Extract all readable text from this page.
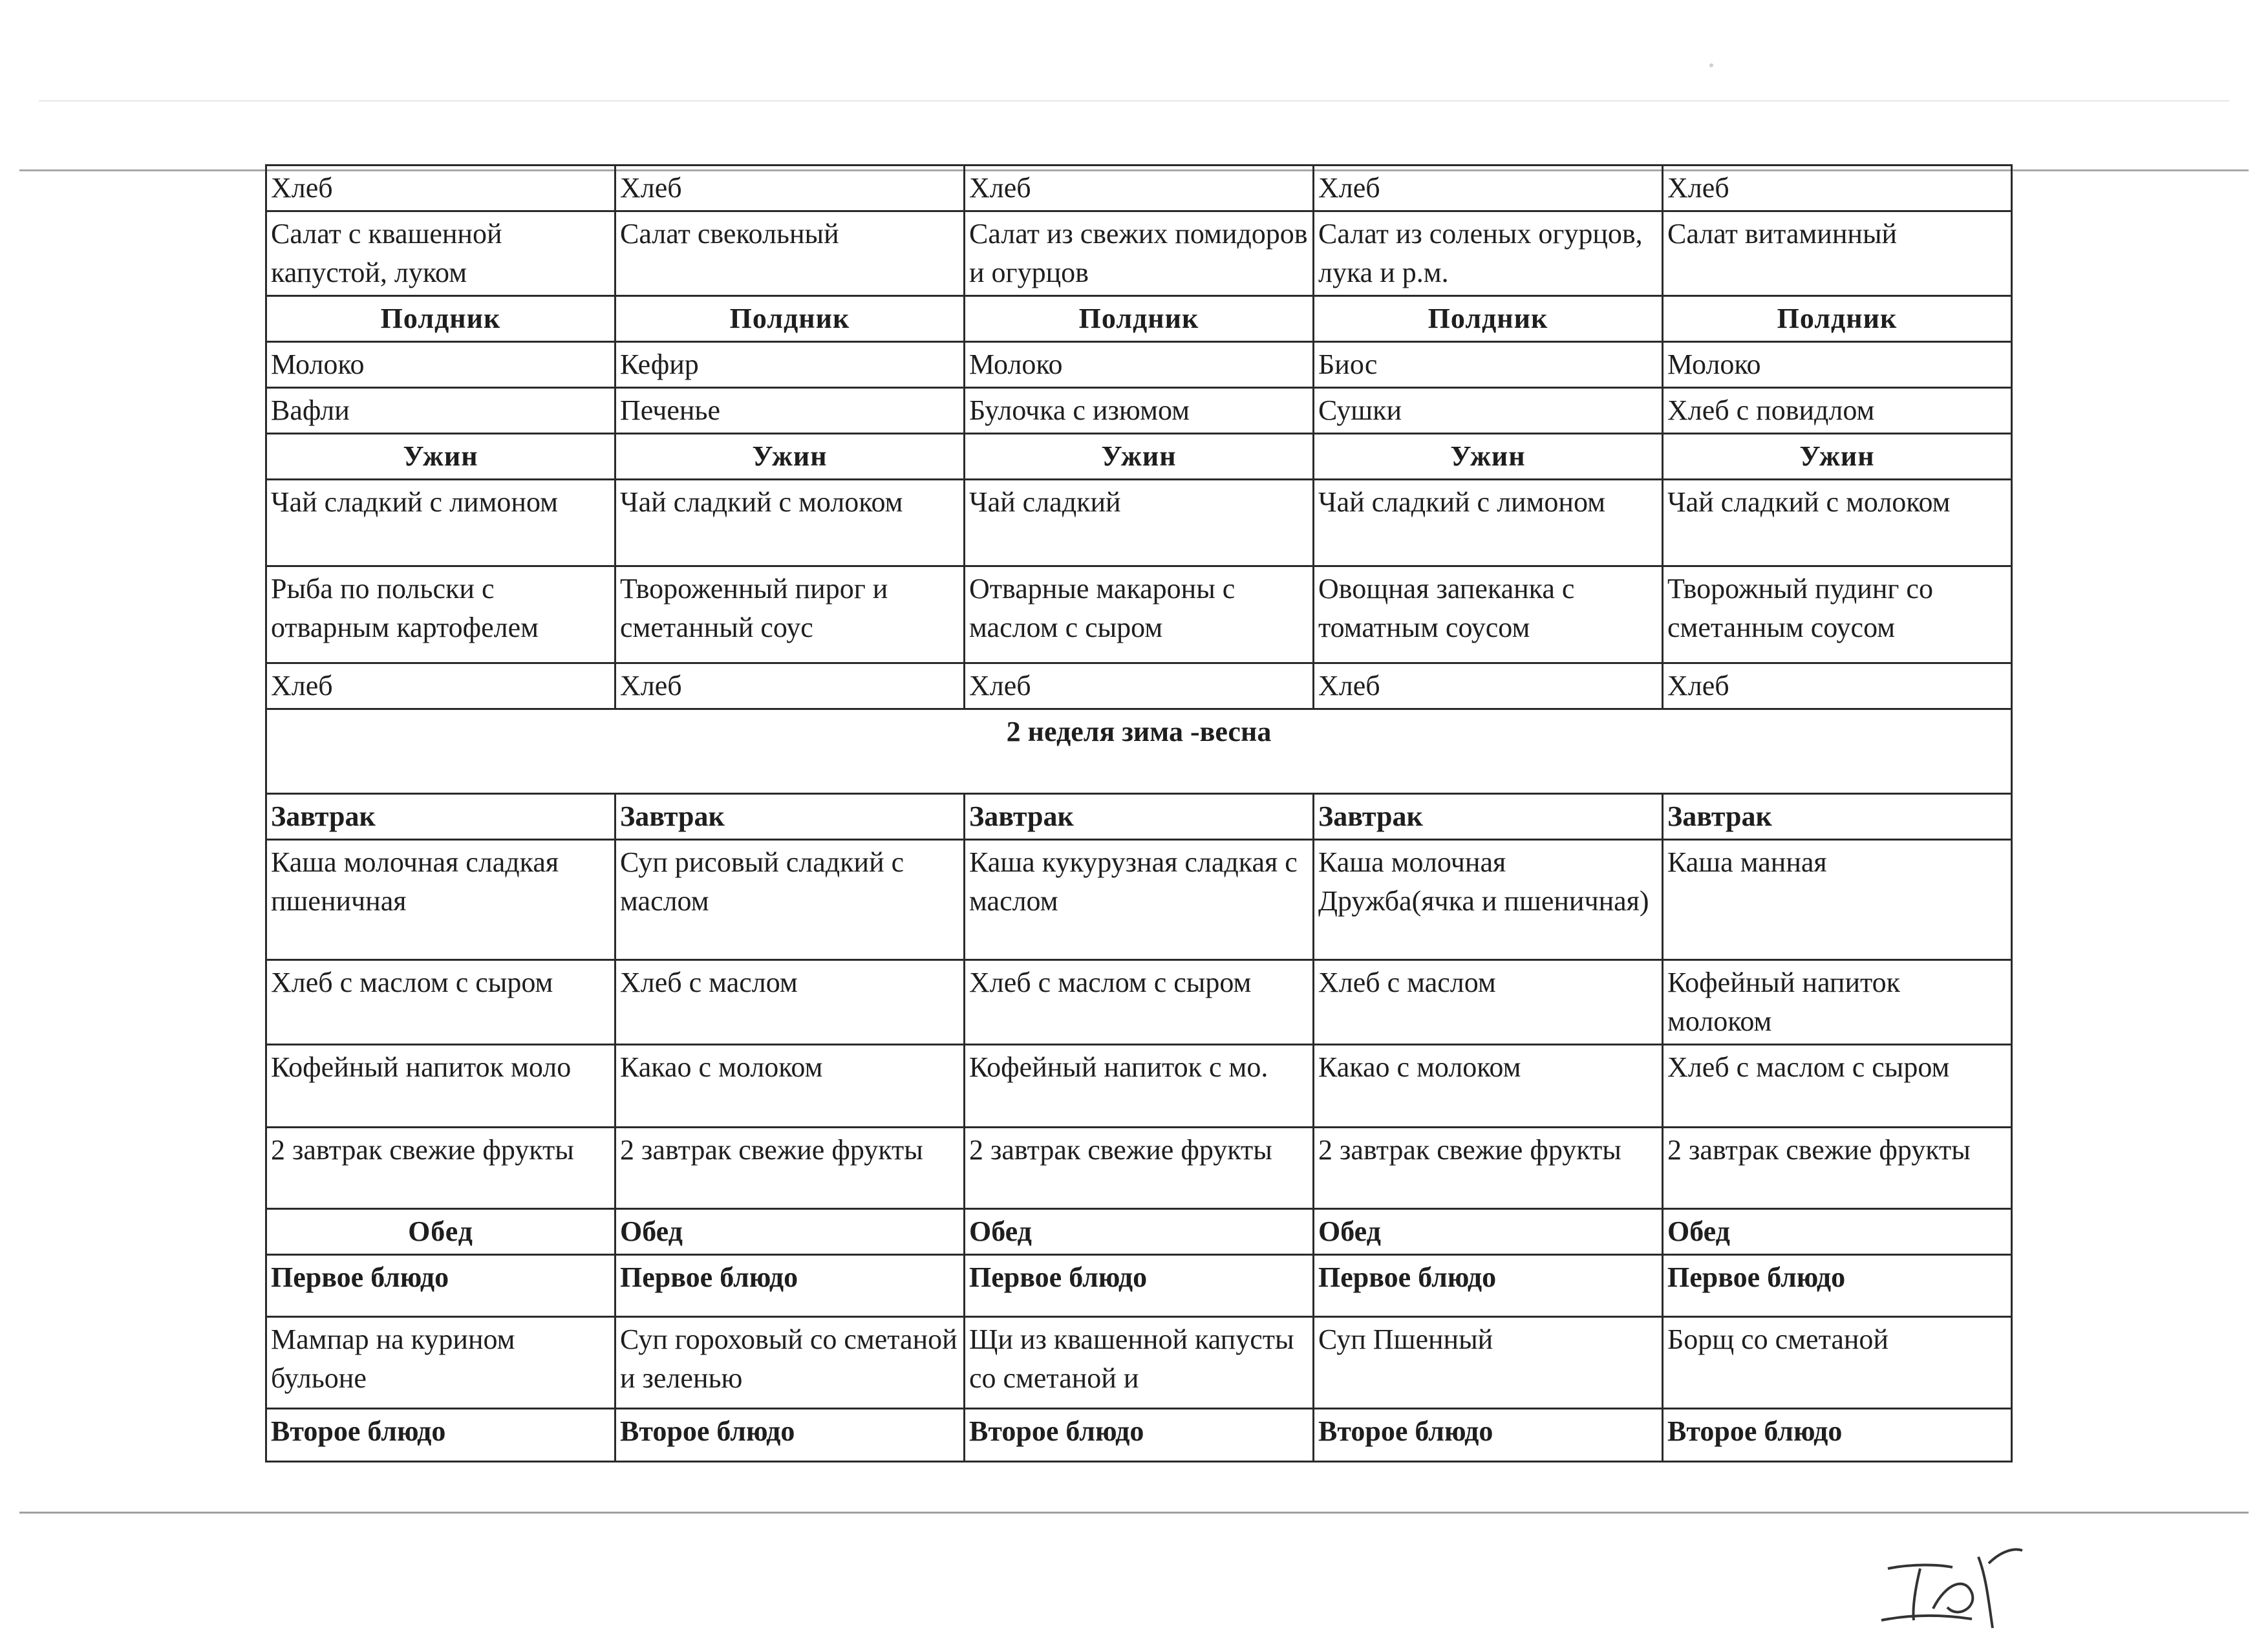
Хлеб	Хлеб	Хлеб	Хлеб	Хлеб
Салат с квашенной капустой, луком	Салат свекольный	Салат из свежих помидоров и огурцов	Салат из соленых огурцов, лука и р.м.	Салат витаминный
Полдник	Полдник	Полдник	Полдник	Полдник
Молоко	Кефир	Молоко	Биос	Молоко
Вафли	Печенье	Булочка с изюмом	Сушки	Хлеб с повидлом
Ужин	Ужин	Ужин	Ужин	Ужин
Чай сладкий с лимоном	Чай сладкий с молоком	Чай сладкий	Чай сладкий с лимоном	Чай сладкий с молоком
Рыба по польски с отварным картофелем	Твороженный пирог и сметанный соус	Отварные макароны с маслом с сыром	Овощная запеканка с томатным соусом	Творожный пудинг со сметанным соусом
Хлеб	Хлеб	Хлеб	Хлеб	Хлеб
2 неделя зима -весна				
Завтрак	Завтрак	Завтрак	Завтрак	Завтрак
Каша молочная сладкая пшеничная	Суп рисовый сладкий с маслом	Каша кукурузная сладкая с маслом	Каша молочная Дружба(ячка и пшеничная)	Каша манная
Хлеб с маслом с сыром	Хлеб с маслом	Хлеб с маслом с сыром	Хлеб с маслом	Кофейный напиток молоком
Кофейный напиток моло	Какао с молоком	Кофейный напиток с мо.	Какао с молоком	Хлеб с маслом с сыром
2 завтрак свежие фрукты	2 завтрак свежие фрукты	2 завтрак свежие фрукты	2 завтрак свежие фрукты	2 завтрак свежие фрукты
Обед	Обед	Обед	Обед	Обед
Первое блюдо	Первое блюдо	Первое блюдо	Первое блюдо	Первое блюдо
Мампар на курином бульоне	Суп гороховый со сметаной и зеленью	Щи из квашенной капусты со сметаной и	Суп Пшенный	Борщ со сметаной
Второе блюдо	Второе блюдо	Второе блюдо	Второе блюдо	Второе блюдо
